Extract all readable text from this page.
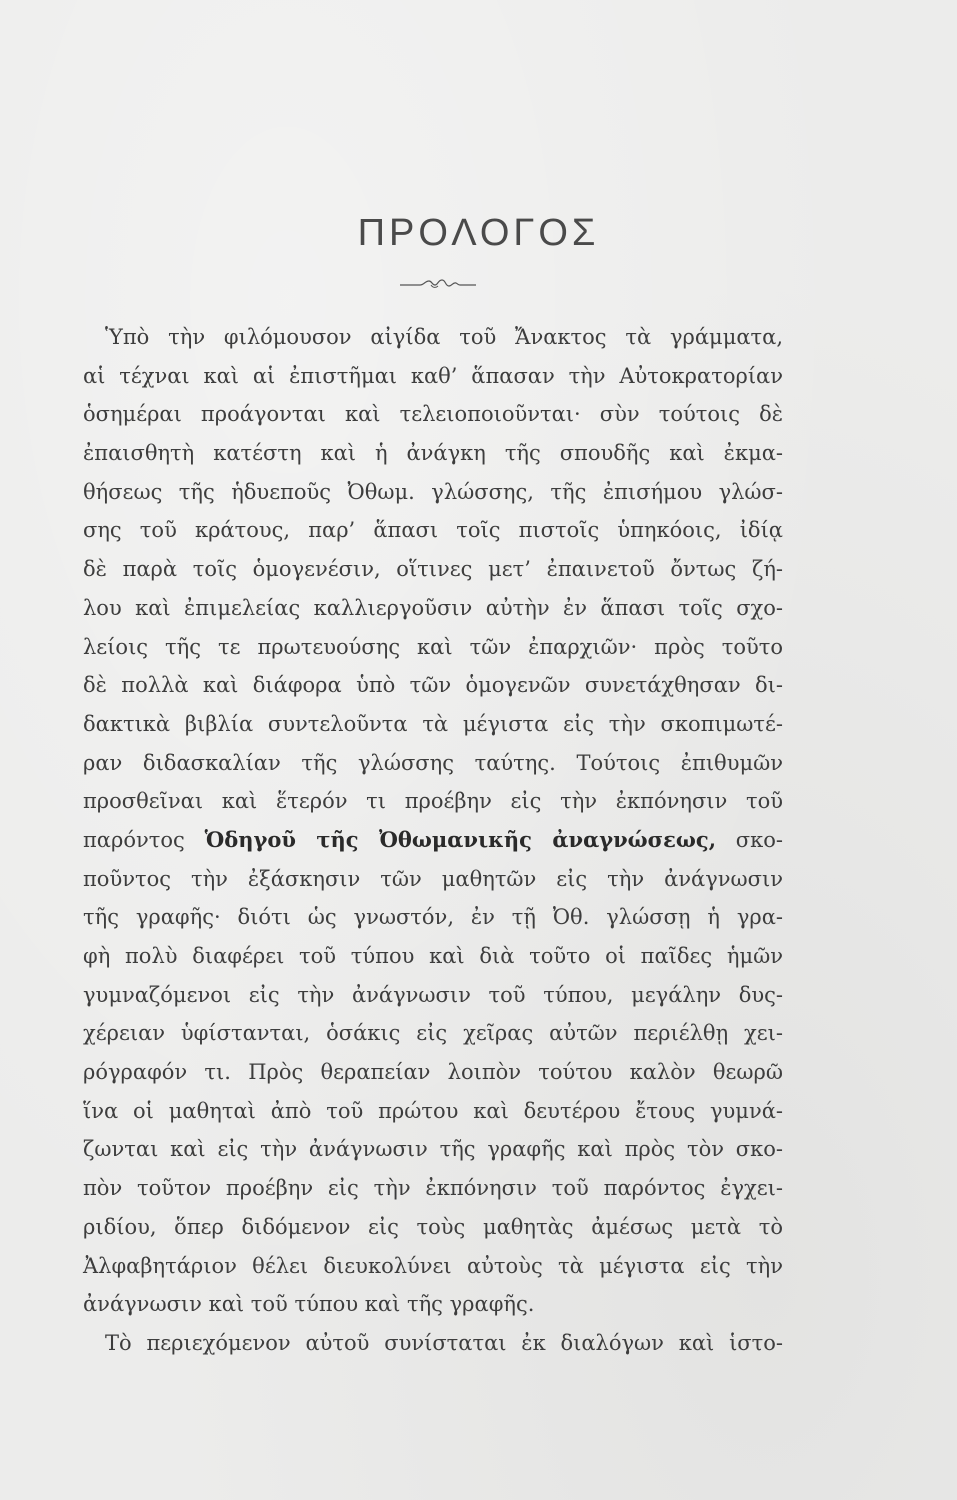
ΠΡΟΛΟΓΟΣ
Ὑπὸ τὴν φιλόμουσον αἰγίδα τοῦ Ἄνακτος τὰ γράμματα,
αἱ τέχναι καὶ αἱ ἐπιστῆμαι καθ’ ἅπασαν τὴν Αὐτοκρατορίαν
ὁσημέραι προάγονται καὶ τελειοποιοῦνται· σὺν τούτοις δὲ
ἐπαισθητὴ κατέστη καὶ ἡ ἀνάγκη τῆς σπουδῆς καὶ ἐκμα-
θήσεως τῆς ἡδυεποῦς Ὀθωμ. γλώσσης, τῆς ἐπισήμου γλώσ-
σης τοῦ κράτους, παρ’ ἅπασι τοῖς πιστοῖς ὑπηκόοις, ἰδίᾳ
δὲ παρὰ τοῖς ὁμογενέσιν, οἵτινες μετ’ ἐπαινετοῦ ὄντως ζή-
λου καὶ ἐπιμελείας καλλιεργοῦσιν αὐτὴν ἐν ἅπασι τοῖς σχο-
λείοις τῆς τε πρωτευούσης καὶ τῶν ἐπαρχιῶν· πρὸς τοῦτο
δὲ πολλὰ καὶ διάφορα ὑπὸ τῶν ὁμογενῶν συνετάχθησαν δι-
δακτικὰ βιβλία συντελοῦντα τὰ μέγιστα εἰς τὴν σκοπιμωτέ-
ραν διδασκαλίαν τῆς γλώσσης ταύτης. Τούτοις ἐπιθυμῶν
προσθεῖναι καὶ ἕτερόν τι προέβην εἰς τὴν ἐκπόνησιν τοῦ
παρόντος Ὁδηγοῦ τῆς Ὀθωμανικῆς ἀναγνώσεως, σκο-
ποῦντος τὴν ἐξάσκησιν τῶν μαθητῶν εἰς τὴν ἀνάγνωσιν
τῆς γραφῆς· διότι ὡς γνωστόν, ἐν τῇ Ὀθ. γλώσσῃ ἡ γρα-
φὴ πολὺ διαφέρει τοῦ τύπου καὶ διὰ τοῦτο οἱ παῖδες ἡμῶν
γυμναζόμενοι εἰς τὴν ἀνάγνωσιν τοῦ τύπου, μεγάλην δυς-
χέρειαν ὑφίστανται, ὁσάκις εἰς χεῖρας αὐτῶν περιέλθῃ χει-
ρόγραφόν τι. Πρὸς θεραπείαν λοιπὸν τούτου καλὸν θεωρῶ
ἵνα οἱ μαθηταὶ ἀπὸ τοῦ πρώτου καὶ δευτέρου ἔτους γυμνά-
ζωνται καὶ εἰς τὴν ἀνάγνωσιν τῆς γραφῆς καὶ πρὸς τὸν σκο-
πὸν τοῦτον προέβην εἰς τὴν ἐκπόνησιν τοῦ παρόντος ἐγχει-
ριδίου, ὅπερ διδόμενον εἰς τοὺς μαθητὰς ἀμέσως μετὰ τὸ
Ἀλφαβητάριον θέλει διευκολύνει αὐτοὺς τὰ μέγιστα εἰς τὴν
ἀνάγνωσιν καὶ τοῦ τύπου καὶ τῆς γραφῆς.
Τὸ περιεχόμενον αὐτοῦ συνίσταται ἐκ διαλόγων καὶ ἱστο-
